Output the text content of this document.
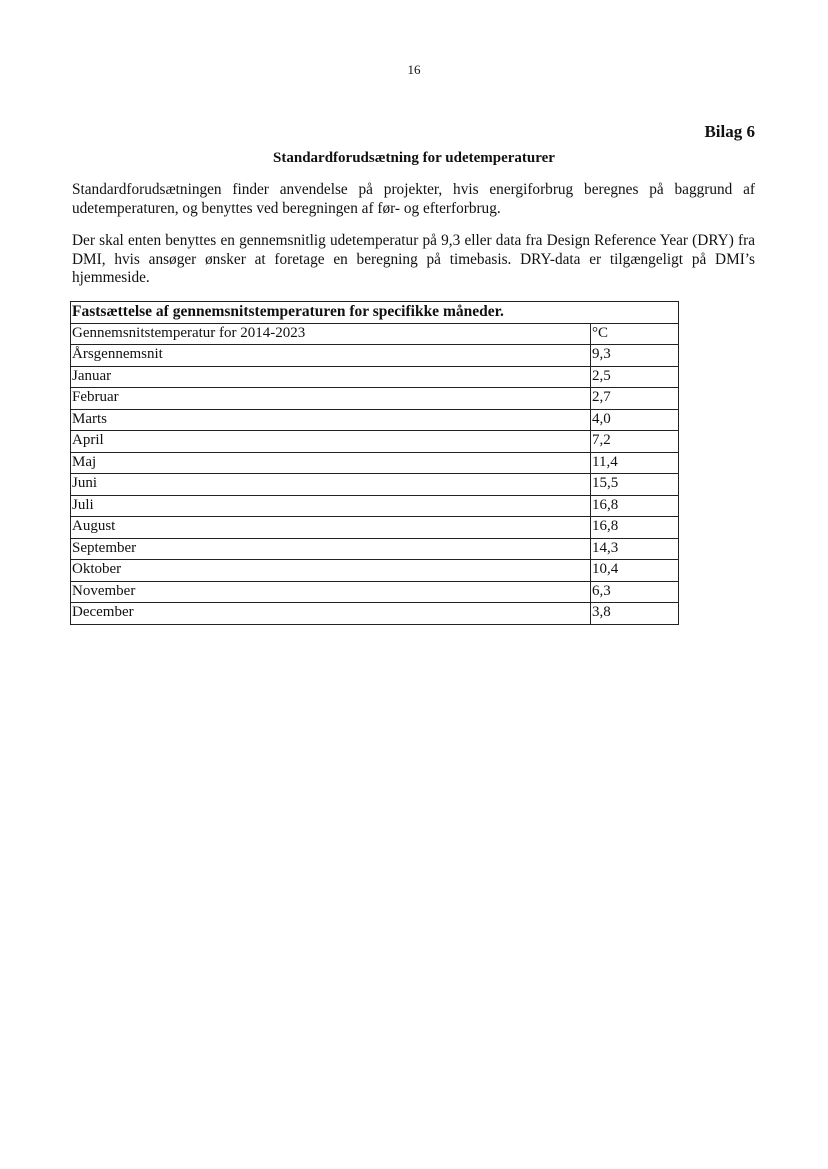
16
Bilag 6
Standardforudsætning for udetemperaturer

Standardforudsætningen finder anvendelse på projekter, hvis energiforbrug beregnes på baggrund af udetemperaturen, og benyttes ved beregningen af før- og efterforbrug.

Der skal enten benyttes en gennemsnitlig udetemperatur på 9,3 eller data fra Design Reference Year (DRY) fra DMI, hvis ansøger ønsker at foretage en beregning på timebasis. DRY-data er tilgængeligt på DMI’s hjemmeside.

Fastsættelse af gennemsnitstemperaturen for specifikke måneder.	
Gennemsnitstemperatur for 2014-2023	°C
Årsgennemsnit	9,3
Januar	2,5
Februar	2,7
Marts	4,0
April	7,2
Maj	11,4
Juni	15,5
Juli	16,8
August	16,8
September	14,3
Oktober	10,4
November	6,3
December	3,8
